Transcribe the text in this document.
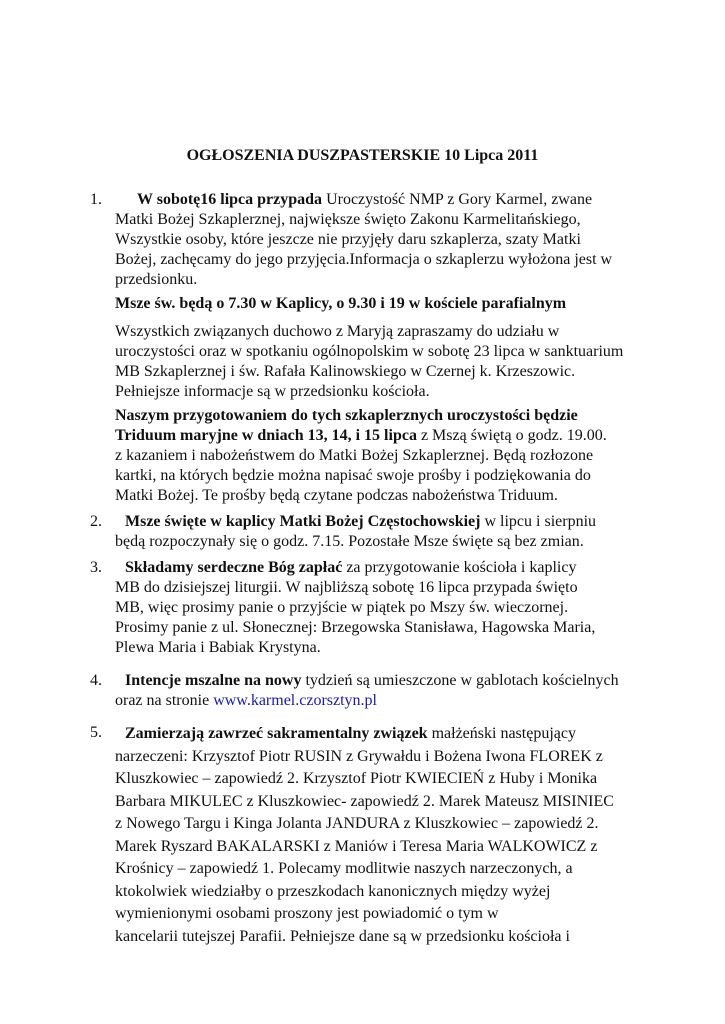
OGŁOSZENIA DUSZPASTERSKIE 10 Lipca 2011
1.	W sobotę16 lipca przypada Uroczystość NMP z Gory Karmel, zwane
Matki Bożej Szkaplerznej, największe święto Zakonu Karmelitańskiego,
Wszystkie osoby, które jeszcze nie przyjęły daru szkaplerza, szaty Matki
Bożej, zachęcamy do jego przyjęcia.Informacja o szkaplerzu wyłożona jest w
przedsionku.
Msze św. będą o 7.30 w Kaplicy, o 9.30 i 19 w kościele parafialnym
Wszystkich związanych duchowo z Maryją zapraszamy do udziału w
uroczystości oraz w spotkaniu ogólnopolskim w sobotę 23 lipca w sanktuarium
MB Szkaplerznej i św. Rafała Kalinowskiego w Czernej k. Krzeszowic.
Pełniejsze informacje są w przedsionku kościoła.
Naszym przygotowaniem do tych szkaplerznych uroczystości będzie
Triduum maryjne w dniach 13, 14, i 15 lipca z Mszą świętą o godz. 19.00.
z kazaniem i nabożeństwem do Matki Bożej Szkaplerznej. Będą rozłozone
kartki, na których będzie można napisać swoje prośby i podziękowania do
Matki Bożej. Te prośby będą czytane podczas nabożeństwa Triduum.
2.	Msze święte w kaplicy Matki Bożej Częstochowskiej w lipcu i sierpniu
będą rozpoczynały się o godz. 7.15. Pozostałe Msze święte są bez zmian.
3.	Składamy serdeczne Bóg zapłać za przygotowanie kościoła i kaplicy
MB do dzisiejszej liturgii. W najbliższą sobotę 16 lipca przypada święto
MB, więc prosimy panie o przyjście w piątek po Mszy św. wieczornej.
Prosimy panie z ul. Słonecznej: Brzegowska Stanisława, Hagowska Maria,
Plewa Maria i Babiak Krystyna.
4.	Intencje mszalne na nowy tydzień są umieszczone w gablotach kościelnych
oraz na stronie www.karmel.czorsztyn.pl
5.	Zamierzają zawrzeć sakramentalny związek małżeński następujący
narzeczeni: Krzysztof Piotr RUSIN z Grywałdu i Bożena Iwona FLOREK z
Kluszkowiec – zapowiedź 2. Krzysztof Piotr KWIECIEŃ z Huby i Monika
Barbara MIKULEC z Kluszkowiec- zapowiedź 2. Marek Mateusz MISINIEC
z Nowego Targu i Kinga Jolanta JANDURA z Kluszkowiec – zapowiedź 2.
Marek Ryszard BAKALARSKI z Maniów i Teresa Maria WALKOWICZ z
Krośnicy – zapowiedź 1. Polecamy modlitwie naszych narzeczonych, a
ktokolwiek wiedziałby o przeszkodach kanonicznych między wyżej
wymienionymi osobami proszony jest powiadomić o tym w
kancelarii tutejszej Parafii. Pełniejsze dane są w przedsionku kościoła i
